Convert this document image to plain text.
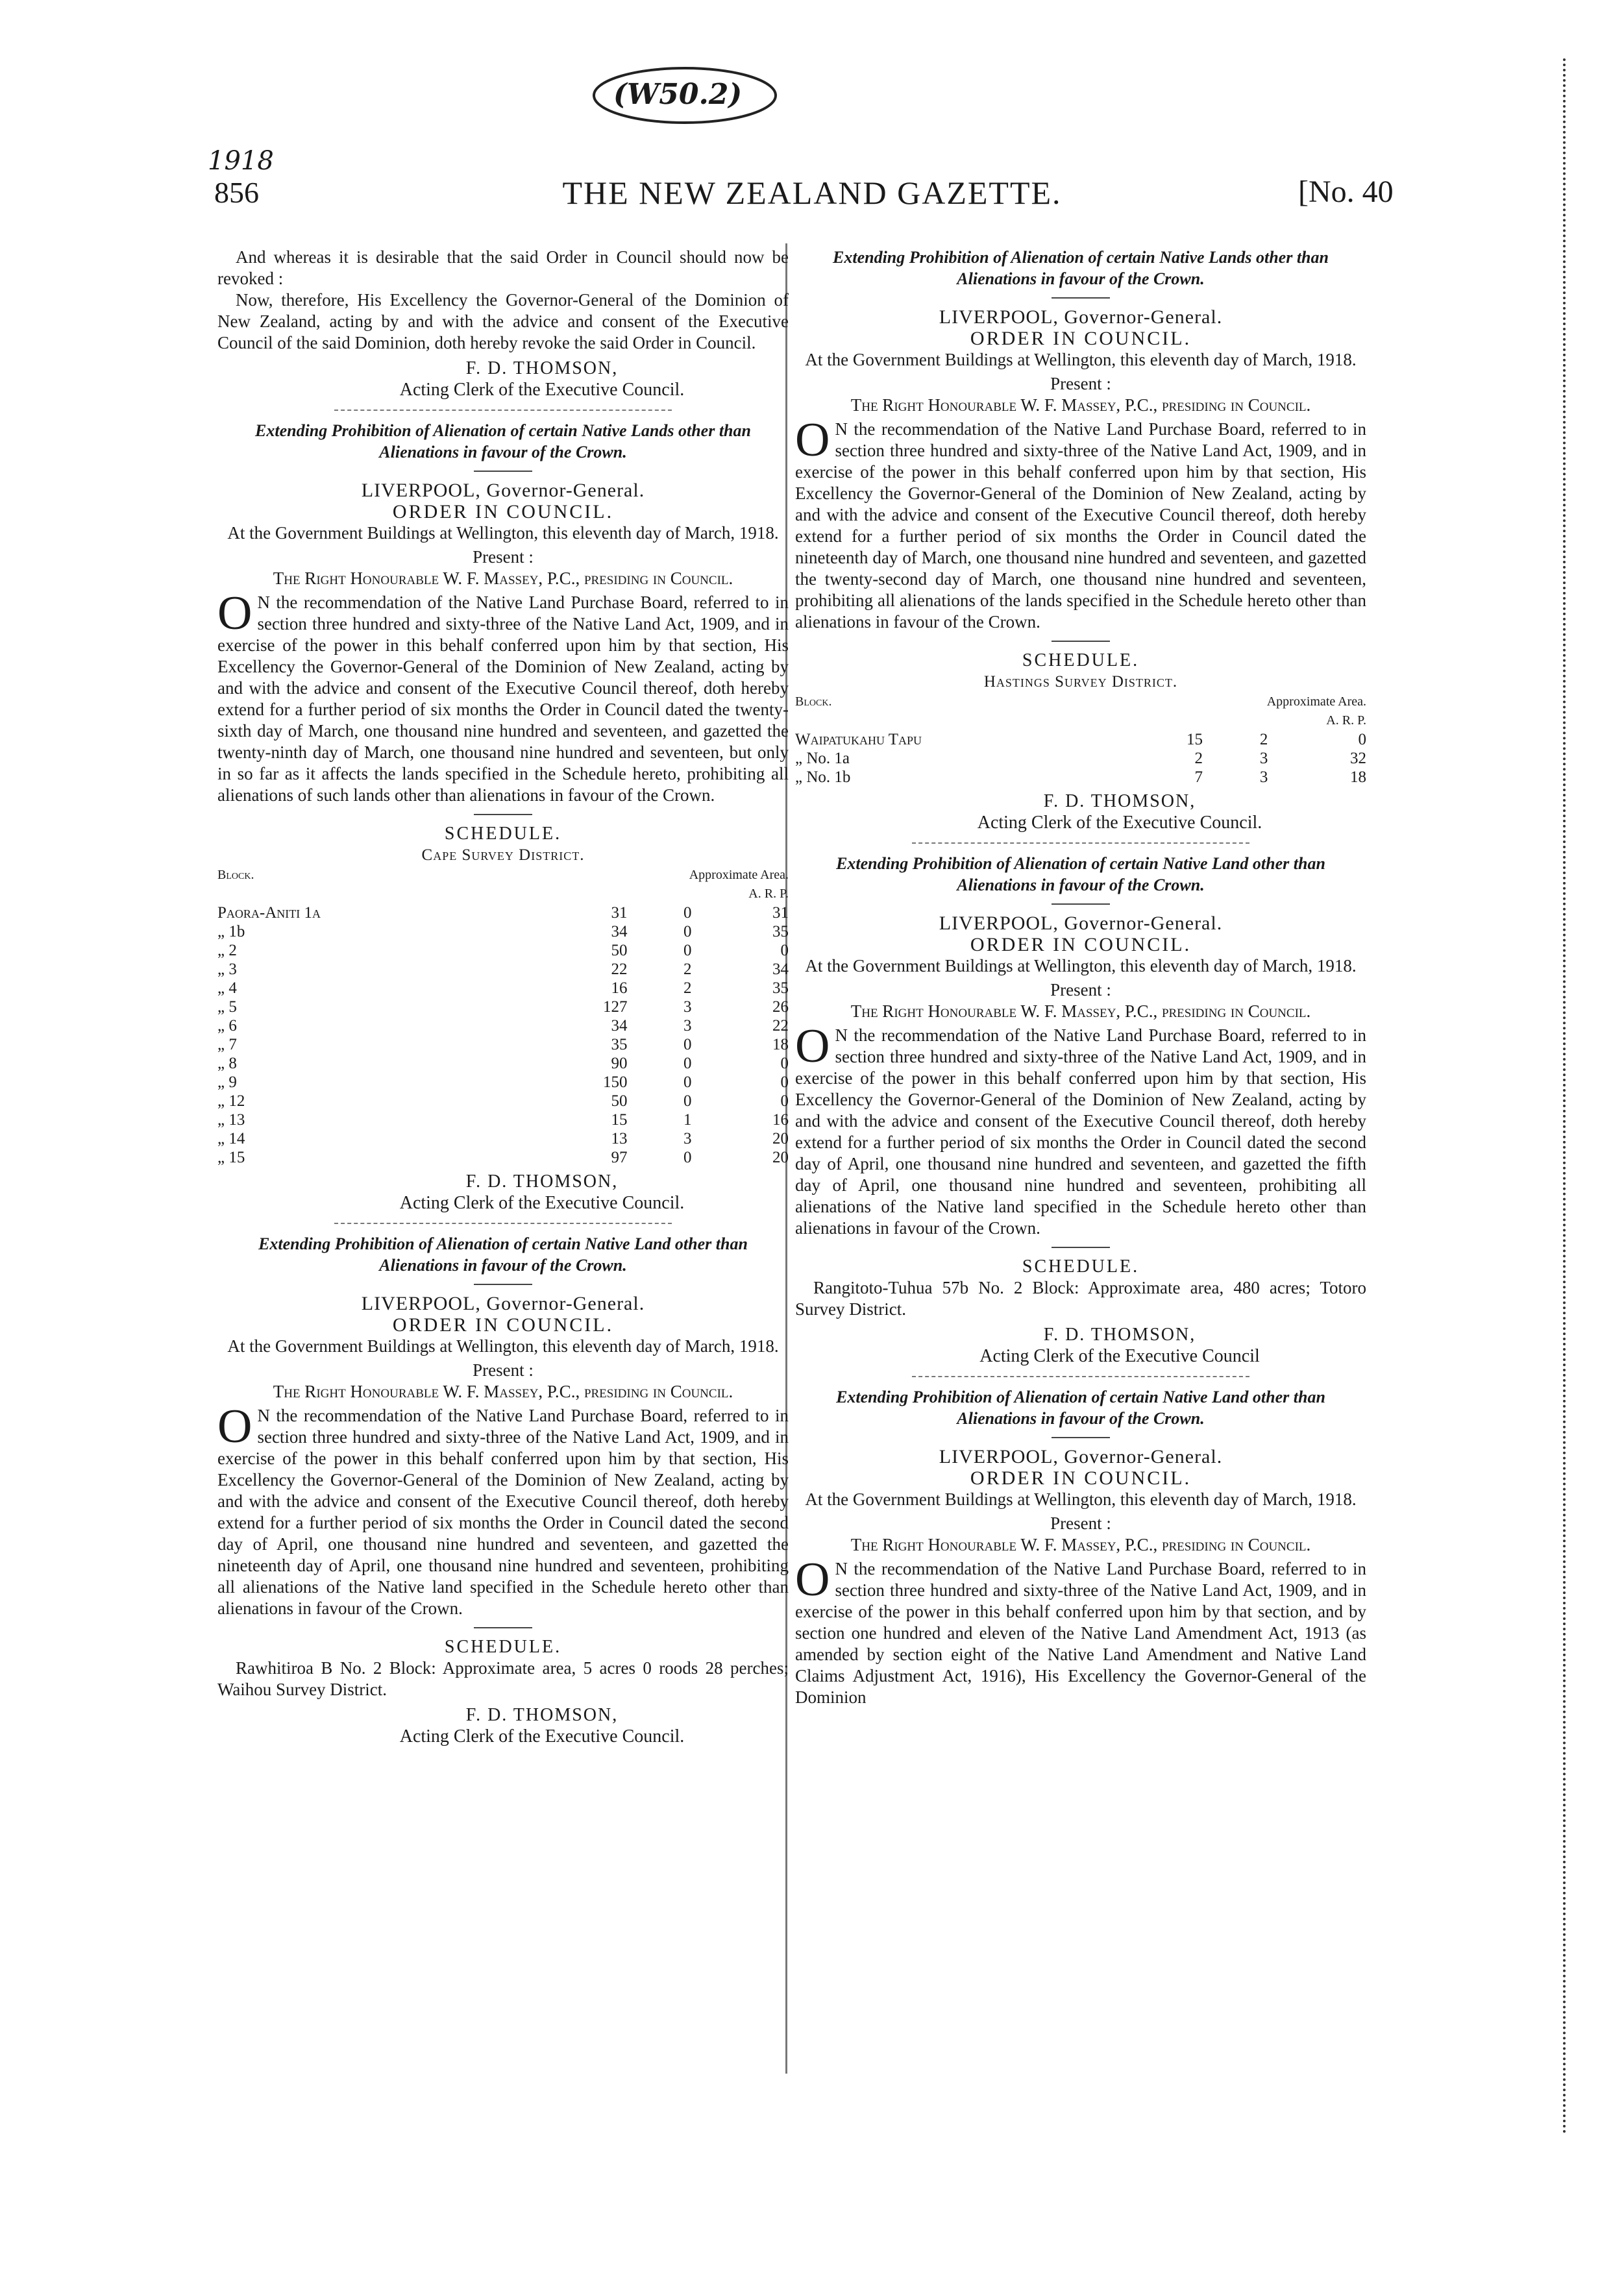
(W50.2)
1918
856	THE NEW ZEALAND GAZETTE.	[No. 40

And whereas it is desirable that the said Order in Council should now be revoked :

Now, therefore, His Excellency the Governor-General of the Dominion of New Zealand, acting by and with the advice and consent of the Executive Council of the said Dominion, doth hereby revoke the said Order in Council.

F. D. THOMSON,

Acting Clerk of the Executive Council.

Extending Prohibition of Alienation of certain Native Lands other than Alienations in favour of the Crown.

LIVERPOOL, Governor-General.

ORDER IN COUNCIL.

At the Government Buildings at Wellington, this eleventh day of March, 1918.

Present :

The Right Honourable W. F. Massey, P.C., presiding in Council.

O N the recommendation of the Native Land Purchase Board, referred to in section three hundred and sixty-three of the Native Land Act, 1909, and in exercise of the power in this behalf conferred upon him by that section, His Excellency the Governor-General of the Dominion of New Zealand, acting by and with the advice and consent of the Executive Council thereof, doth hereby extend for a further period of six months the Order in Council dated the twenty-sixth day of March, one thousand nine hundred and seventeen, and gazetted the twenty-ninth day of March, one thousand nine hundred and seventeen, but only in so far as it affects the lands specified in the Schedule hereto, prohibiting all alienations of such lands other than alienations in favour of the Crown.

SCHEDULE.

Cape Survey District.

Block.	Approximate Area.		
	A. R. P.		
Paora-Aniti 1a	31	0	31
„ 1b	34	0	35
„ 2	50	0	0
„ 3	22	2	34
„ 4	16	2	35
„ 5	127	3	26
„ 6	34	3	22
„ 7	35	0	18
„ 8	90	0	0
„ 9	150	0	0
„ 12	50	0	0
„ 13	15	1	16
„ 14	13	3	20
„ 15	97	0	20

F. D. THOMSON,

Acting Clerk of the Executive Council.

Extending Prohibition of Alienation of certain Native Land other than Alienations in favour of the Crown.

LIVERPOOL, Governor-General.

ORDER IN COUNCIL.

At the Government Buildings at Wellington, this eleventh day of March, 1918.

Present :

The Right Honourable W. F. Massey, P.C., presiding in Council.

O N the recommendation of the Native Land Purchase Board, referred to in section three hundred and sixty-three of the Native Land Act, 1909, and in exercise of the power in this behalf conferred upon him by that section, His Excellency the Governor-General of the Dominion of New Zealand, acting by and with the advice and consent of the Executive Council thereof, doth hereby extend for a further period of six months the Order in Council dated the second day of April, one thousand nine hundred and seventeen, and gazetted the nineteenth day of April, one thousand nine hundred and seventeen, prohibiting all alienations of the Native land specified in the Schedule hereto other than alienations in favour of the Crown.

SCHEDULE.

Rawhitiroa B No. 2 Block: Approximate area, 5 acres 0 roods 28 perches; Waihou Survey District.

F. D. THOMSON,

Acting Clerk of the Executive Council.

Extending Prohibition of Alienation of certain Native Lands other than Alienations in favour of the Crown.

LIVERPOOL, Governor-General.

ORDER IN COUNCIL.

At the Government Buildings at Wellington, this eleventh day of March, 1918.

Present :

The Right Honourable W. F. Massey, P.C., presiding in Council.

O N the recommendation of the Native Land Purchase Board, referred to in section three hundred and sixty-three of the Native Land Act, 1909, and in exercise of the power in this behalf conferred upon him by that section, His Excellency the Governor-General of the Dominion of New Zealand, acting by and with the advice and consent of the Executive Council thereof, doth hereby extend for a further period of six months the Order in Council dated the nineteenth day of March, one thousand nine hundred and seventeen, and gazetted the twenty-second day of March, one thousand nine hundred and seventeen, prohibiting all alienations of the lands specified in the Schedule hereto other than alienations in favour of the Crown.

SCHEDULE.

Hastings Survey District.

Block.	Approximate Area.		
	A. R. P.		
Waipatukahu Tapu	15	2	0
„ No. 1a	2	3	32
„ No. 1b	7	3	18

F. D. THOMSON,

Acting Clerk of the Executive Council.

Extending Prohibition of Alienation of certain Native Land other than Alienations in favour of the Crown.

LIVERPOOL, Governor-General.

ORDER IN COUNCIL.

At the Government Buildings at Wellington, this eleventh day of March, 1918.

Present :

The Right Honourable W. F. Massey, P.C., presiding in Council.

O N the recommendation of the Native Land Purchase Board, referred to in section three hundred and sixty-three of the Native Land Act, 1909, and in exercise of the power in this behalf conferred upon him by that section, His Excellency the Governor-General of the Dominion of New Zealand, acting by and with the advice and consent of the Executive Council thereof, doth hereby extend for a further period of six months the Order in Council dated the second day of April, one thousand nine hundred and seventeen, and gazetted the fifth day of April, one thousand nine hundred and seventeen, prohibiting all alienations of the Native land specified in the Schedule hereto other than alienations in favour of the Crown.

SCHEDULE.

Rangitoto-Tuhua 57b No. 2 Block: Approximate area, 480 acres; Totoro Survey District.

F. D. THOMSON,

Acting Clerk of the Executive Council

Extending Prohibition of Alienation of certain Native Land other than Alienations in favour of the Crown.

LIVERPOOL, Governor-General.

ORDER IN COUNCIL.

At the Government Buildings at Wellington, this eleventh day of March, 1918.

Present :

The Right Honourable W. F. Massey, P.C., presiding in Council.

O N the recommendation of the Native Land Purchase Board, referred to in section three hundred and sixty-three of the Native Land Act, 1909, and in exercise of the power in this behalf conferred upon him by that section, and by section one hundred and eleven of the Native Land Amendment Act, 1913 (as amended by section eight of the Native Land Amendment and Native Land Claims Adjustment Act, 1916), His Excellency the Governor-General of the Dominion
